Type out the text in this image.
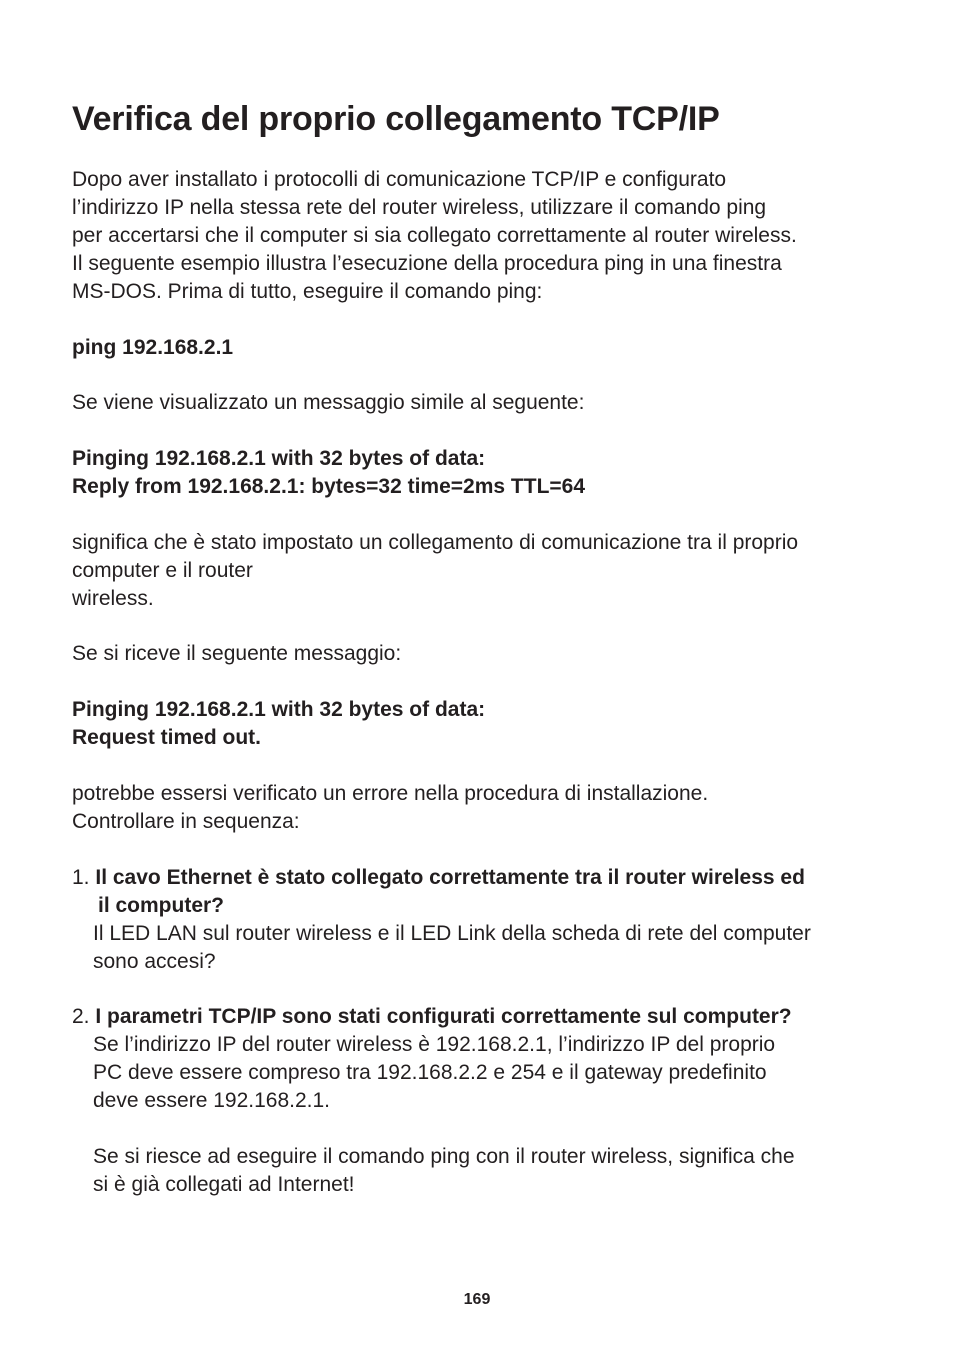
Verifica del proprio collegamento TCP/IP

Dopo aver installato i protocolli di comunicazione TCP/IP e configurato
l’indirizzo IP nella stessa rete del router wireless, utilizzare il comando ping
per accertarsi che il computer si sia collegato correttamente al router wireless.
Il seguente esempio illustra l’esecuzione della procedura ping in una finestra
MS-DOS. Prima di tutto, eseguire il comando ping:

ping 192.168.2.1

Se viene visualizzato un messaggio simile al seguente:

Pinging 192.168.2.1 with 32 bytes of data:
Reply from 192.168.2.1: bytes=32 time=2ms TTL=64

significa che è stato impostato un collegamento di comunicazione tra il proprio
computer e il router
wireless.

Se si riceve il seguente messaggio:

Pinging 192.168.2.1 with 32 bytes of data:
Request timed out.

potrebbe essersi verificato un errore nella procedura di installazione.
Controllare in sequenza:

1. Il cavo Ethernet è stato collegato correttamente tra il router wireless ed
il computer?

Il LED LAN sul router wireless e il LED Link della scheda di rete del computer
sono accesi?

2. I parametri TCP/IP sono stati configurati correttamente sul computer?

Se l’indirizzo IP del router wireless è 192.168.2.1, l’indirizzo IP del proprio
PC deve essere compreso tra 192.168.2.2 e 254 e il gateway predefinito
deve essere 192.168.2.1.

Se si riesce ad eseguire il comando ping con il router wireless, significa che
si è già collegati ad Internet!

169
